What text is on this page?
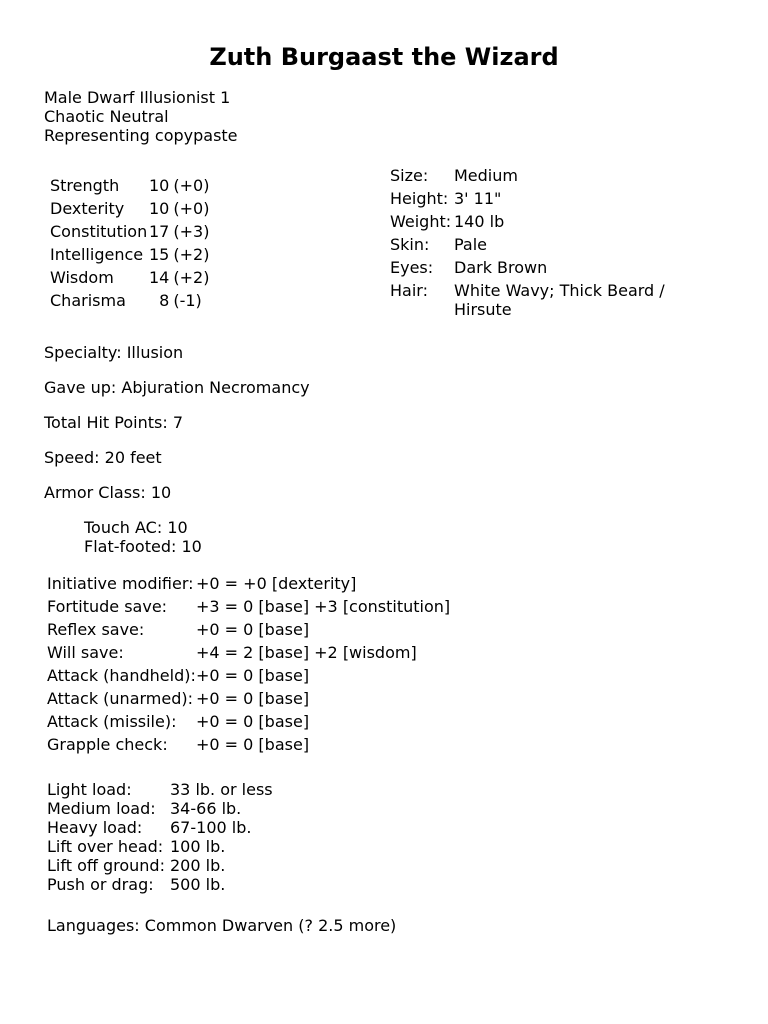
Zuth Burgaast the Wizard
Male Dwarf Illusionist 1
Chaotic Neutral
Representing copypaste
Strength	10	(+0)
Dexterity	10	(+0)
Constitution	17	(+3)
Intelligence	15	(+2)
Wisdom	14	(+2)
Charisma	8	(-1)
Size:	Medium
Height:	3' 11"
Weight:	140 lb
Skin:	Pale
Eyes:	Dark Brown
Hair:	White Wavy; Thick Beard / Hirsute
Specialty: Illusion
Gave up: Abjuration Necromancy
Total Hit Points: 7
Speed: 20 feet
Armor Class: 10
Touch AC: 10
Flat-footed: 10
Initiative modifier:	+0 = +0 [dexterity]
Fortitude save:	+3 = 0 [base] +3 [constitution]
Reflex save:	+0 = 0 [base]
Will save:	+4 = 2 [base] +2 [wisdom]
Attack (handheld):	+0 = 0 [base]
Attack (unarmed):	+0 = 0 [base]
Attack (missile):	+0 = 0 [base]
Grapple check:	+0 = 0 [base]
Light load:	33 lb. or less
Medium load:	34-66 lb.
Heavy load:	67-100 lb.
Lift over head:	100 lb.
Lift off ground:	200 lb.
Push or drag:	500 lb.
Languages: Common Dwarven (? 2.5 more)
